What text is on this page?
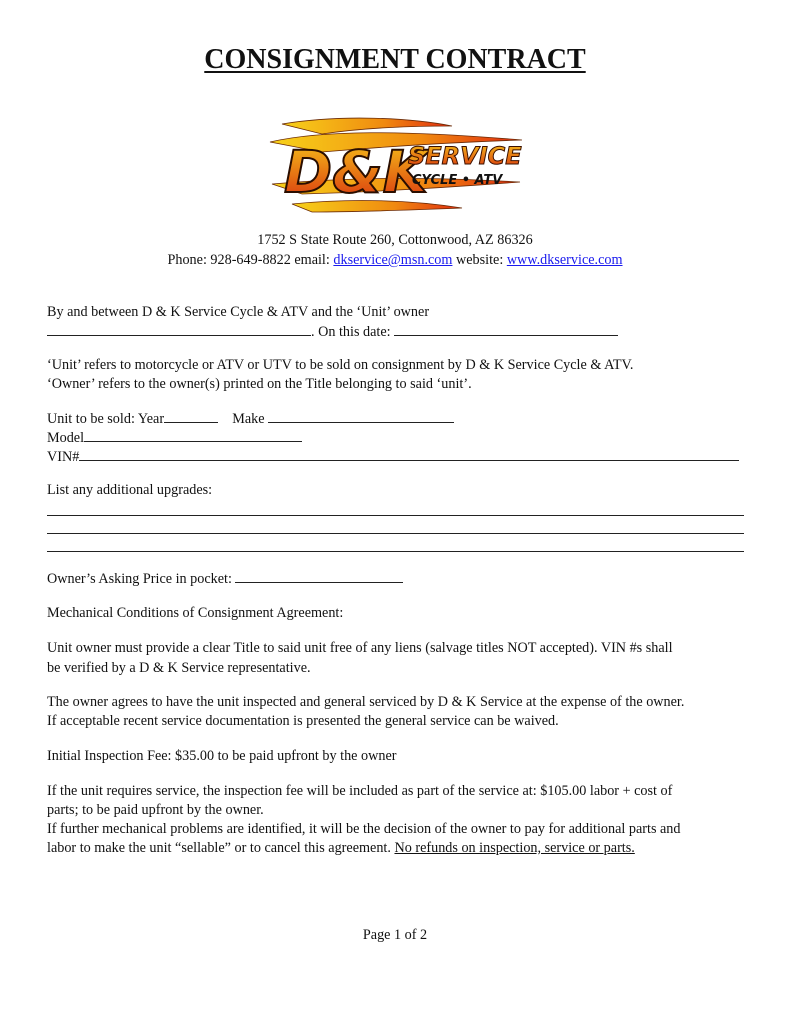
CONSIGNMENT CONTRACT
D&K
SERVICE
CYCLE • ATV
1752 S State Route 260, Cottonwood, AZ 86326
Phone: 928-649-8822 email: dkservice@msn.com website: www.dkservice.com
By and between D & K Service Cycle & ATV and the ‘Unit’ owner
. On this date:
‘Unit’ refers to motorcycle or ATV or UTV to be sold on consignment by D & K Service Cycle & ATV.
‘Owner’ refers to the owner(s) printed on the Title belonging to said ‘unit’.
Unit to be sold: Year	Make
Model
VIN#
List any additional upgrades:
Owner’s Asking Price in pocket:
Mechanical Conditions of Consignment Agreement:
Unit owner must provide a clear Title to said unit free of any liens (salvage titles NOT accepted). VIN #s shall
be verified by a D & K Service representative.
The owner agrees to have the unit inspected and general serviced by D & K Service at the expense of the owner.
If acceptable recent service documentation is presented the general service can be waived.
Initial Inspection Fee: $35.00 to be paid upfront by the owner
If the unit requires service, the inspection fee will be included as part of the service at: $105.00 labor + cost of
parts; to be paid upfront by the owner.
If further mechanical problems are identified, it will be the decision of the owner to pay for additional parts and
labor to make the unit “sellable” or to cancel this agreement. No refunds on inspection, service or parts.
Page 1 of 2
